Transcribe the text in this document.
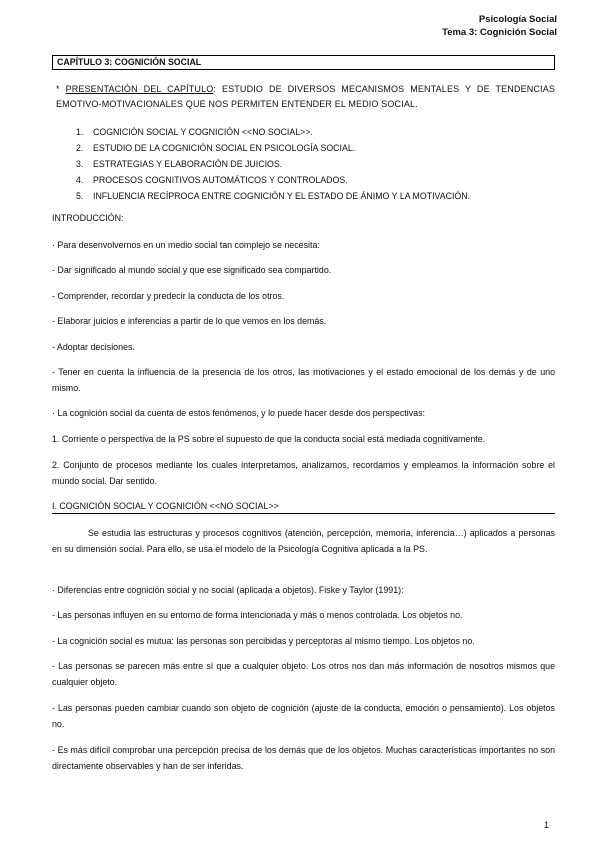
Psicología Social
Tema 3: Cognición Social
CAPÍTULO 3: COGNICIÓN SOCIAL
* PRESENTACIÓN DEL CAPÍTULO: ESTUDIO DE DIVERSOS MECANISMOS MENTALES Y DE TENDENCIAS EMOTIVO-MOTIVACIONALES QUE NOS PERMITEN ENTENDER EL MEDIO SOCIAL.
1.	COGNICIÓN SOCIAL Y COGNICIÓN <<NO SOCIAL>>.
2.	ESTUDIO DE LA COGNICIÓN SOCIAL EN PSICOLOGÍA SOCIAL.
3.	ESTRATEGIAS Y ELABORACIÓN DE JUICIOS.
4.	PROCESOS COGNITIVOS AUTOMÁTICOS Y CONTROLADOS.
5.	INFLUENCIA RECÍPROCA ENTRE COGNICIÓN Y EL ESTADO DE ÁNIMO Y LA MOTIVACIÓN.
INTRODUCCIÓN:
· Para desenvolvernos en un medio social tan complejo se necesita:
- Dar significado al mundo social y que ese significado sea compartido.
- Comprender, recordar y predecir la conducta de los otros.
- Elaborar juicios e inferencias a partir de lo que vemos en los demás.
- Adoptar decisiones.
- Tener en cuenta la influencia de la presencia de los otros, las motivaciones y el estado emocional de los demás y de uno mismo.
· La cognición social da cuenta de estos fenómenos, y lo puede hacer desde dos perspectivas:
1. Corriente o perspectiva de la PS sobre el supuesto de que la conducta social está mediada cognitivamente.
2. Conjunto de procesos mediante los cuales interpretamos, analizamos, recordamos y empleamos la información sobre el mundo social. Dar sentido.
I. COGNICIÓN SOCIAL Y COGNICIÓN <<NO SOCIAL>>
Se estudia las estructuras y procesos cognitivos (atención, percepción, memoria, inferencia…) aplicados a personas en su dimensión social. Para ello, se usa el modelo de la Psicología Cognitiva aplicada a la PS.
· Diferencias entre cognición social y no social (aplicada a objetos). Fiske y Taylor (1991):
- Las personas influyen en su entorno de forma intencionada y más o menos controlada. Los objetos no.
- La cognición social es mutua: las personas son percibidas y perceptoras al mismo tiempo. Los objetos no.
- Las personas se parecen más entre sí que a cualquier objeto. Los otros nos dan más información de nosotros mismos que cualquier objeto.
- Las personas pueden cambiar cuando son objeto de cognición (ajuste de la conducta, emoción o pensamiento). Los objetos no.
- Es más difícil comprobar una percepción precisa de los demás que de los objetos. Muchas características importantes no son directamente observables y han de ser inferidas.
1
